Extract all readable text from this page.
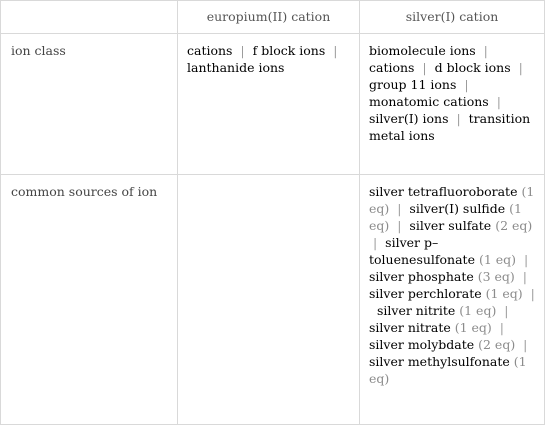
	europium(II) cation	silver(I) cation
ion class	cations  |  f block ions  |  lanthanide ions	biomolecule ions  |  cations  |  d block ions  |  group 11 ions  |  monatomic cations  |  silver(I) ions  |  transition metal ions
common sources of ion		silver tetrafluoroborate (1 eq)  |  silver(I) sulfide (1 eq)  |  silver sulfate (2 eq)  |  silver p–toluenesulfonate (1 eq)  |  silver phosphate (3 eq)  |  silver perchlorate (1 eq)  |  silver nitrite (1 eq)  |  silver nitrate (1 eq)  |  silver molybdate (2 eq)  |  silver methylsulfonate (1 eq)
